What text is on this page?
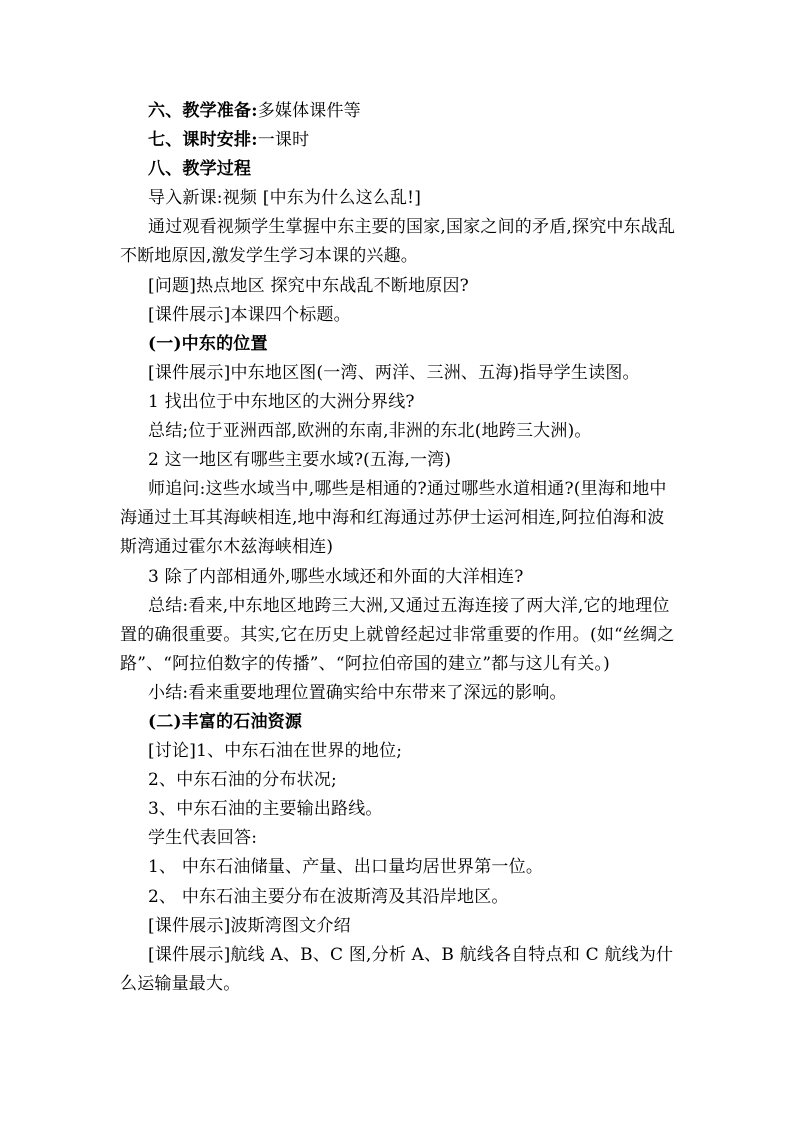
六、教学准备:多媒体课件等

七、课时安排:一课时

八、教学过程

导入新课:视频 [中东为什么这么乱!]

通过观看视频学生掌握中东主要的国家,国家之间的矛盾,探究中东战乱不断地原因,激发学生学习本课的兴趣。

[问题]热点地区 探究中东战乱不断地原因?

[课件展示]本课四个标题。

(一)中东的位置

[课件展示]中东地区图(一湾、两洋、三洲、五海)指导学生读图。

1 找出位于中东地区的大洲分界线?

总结;位于亚洲西部,欧洲的东南,非洲的东北(地跨三大洲)。

2 这一地区有哪些主要水域?(五海,一湾)

师追问:这些水域当中,哪些是相通的?通过哪些水道相通?(里海和地中海通过土耳其海峡相连,地中海和红海通过苏伊士运河相连,阿拉伯海和波斯湾通过霍尔木兹海峡相连)

3 除了内部相通外,哪些水域还和外面的大洋相连?

总结:看来,中东地区地跨三大洲,又通过五海连接了两大洋,它的地理位置的确很重要。其实,它在历史上就曾经起过非常重要的作用。(如“丝绸之路”、“阿拉伯数字的传播”、“阿拉伯帝国的建立”都与这儿有关。)

小结:看来重要地理位置确实给中东带来了深远的影响。

(二)丰富的石油资源

[讨论]1、中东石油在世界的地位;

2、中东石油的分布状况;

3、中东石油的主要输出路线。

学生代表回答:

1、 中东石油储量、产量、出口量均居世界第一位。

2、 中东石油主要分布在波斯湾及其沿岸地区。

[课件展示]波斯湾图文介绍

[课件展示]航线 A、B、C 图,分析 A、B 航线各自特点和 C 航线为什么运输量最大。
